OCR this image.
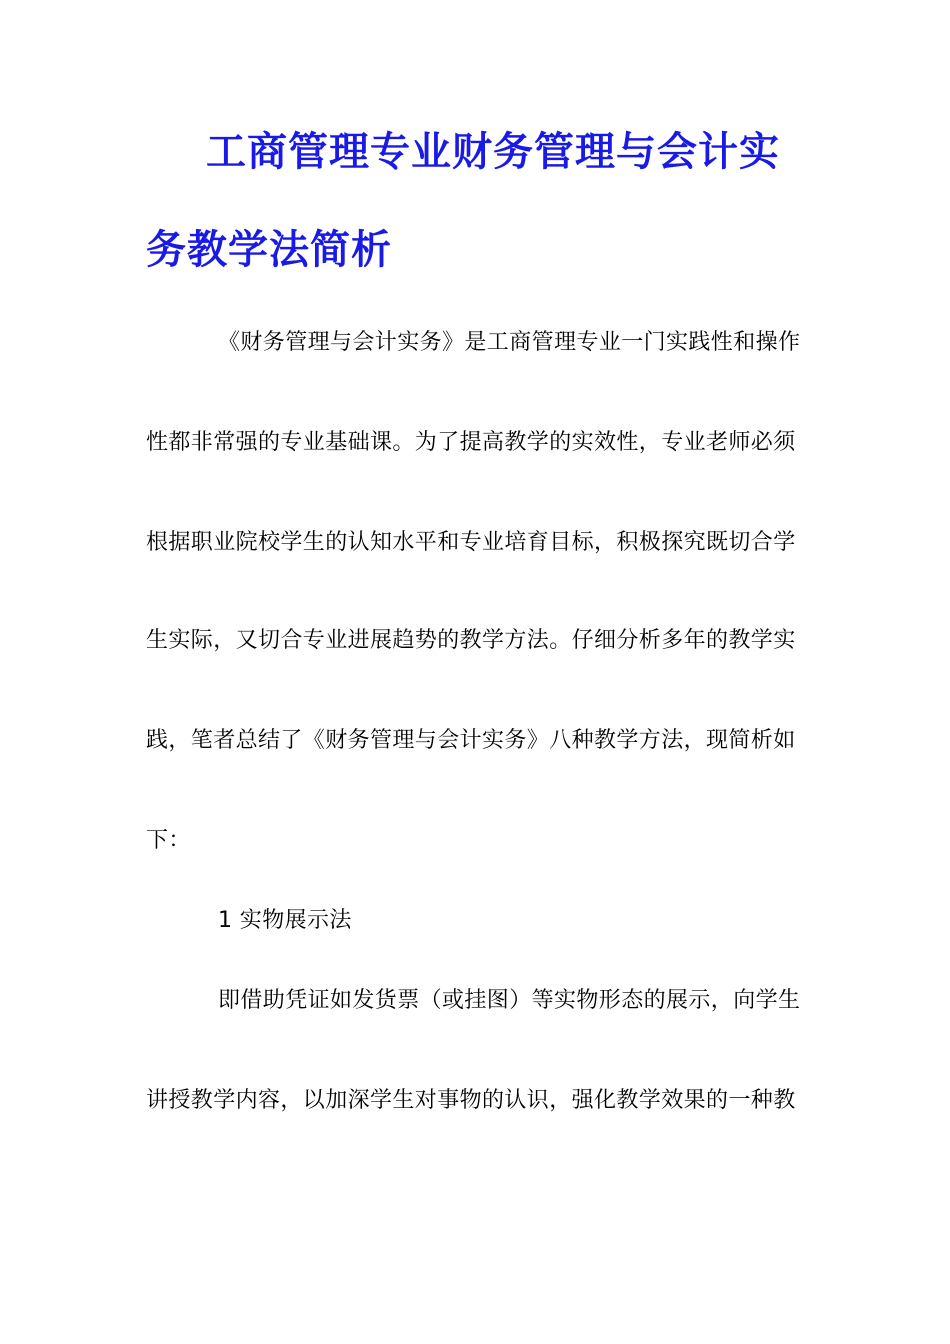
工商管理专业财务管理与会计实
务教学法简析
《财务管理与会计实务》是工商管理专业一门实践性和操作
性都非常强的专业基础课。为了提高教学的实效性，专业老师必须
根据职业院校学生的认知水平和专业培育目标，积极探究既切合学
生实际，又切合专业进展趋势的教学方法。仔细分析多年的教学实
践，笔者总结了《财务管理与会计实务》八种教学方法，现简析如
下：
1 实物展示法
即借助凭证如发货票（或挂图）等实物形态的展示，向学生
讲授教学内容，以加深学生对事物的认识，强化教学效果的一种教
